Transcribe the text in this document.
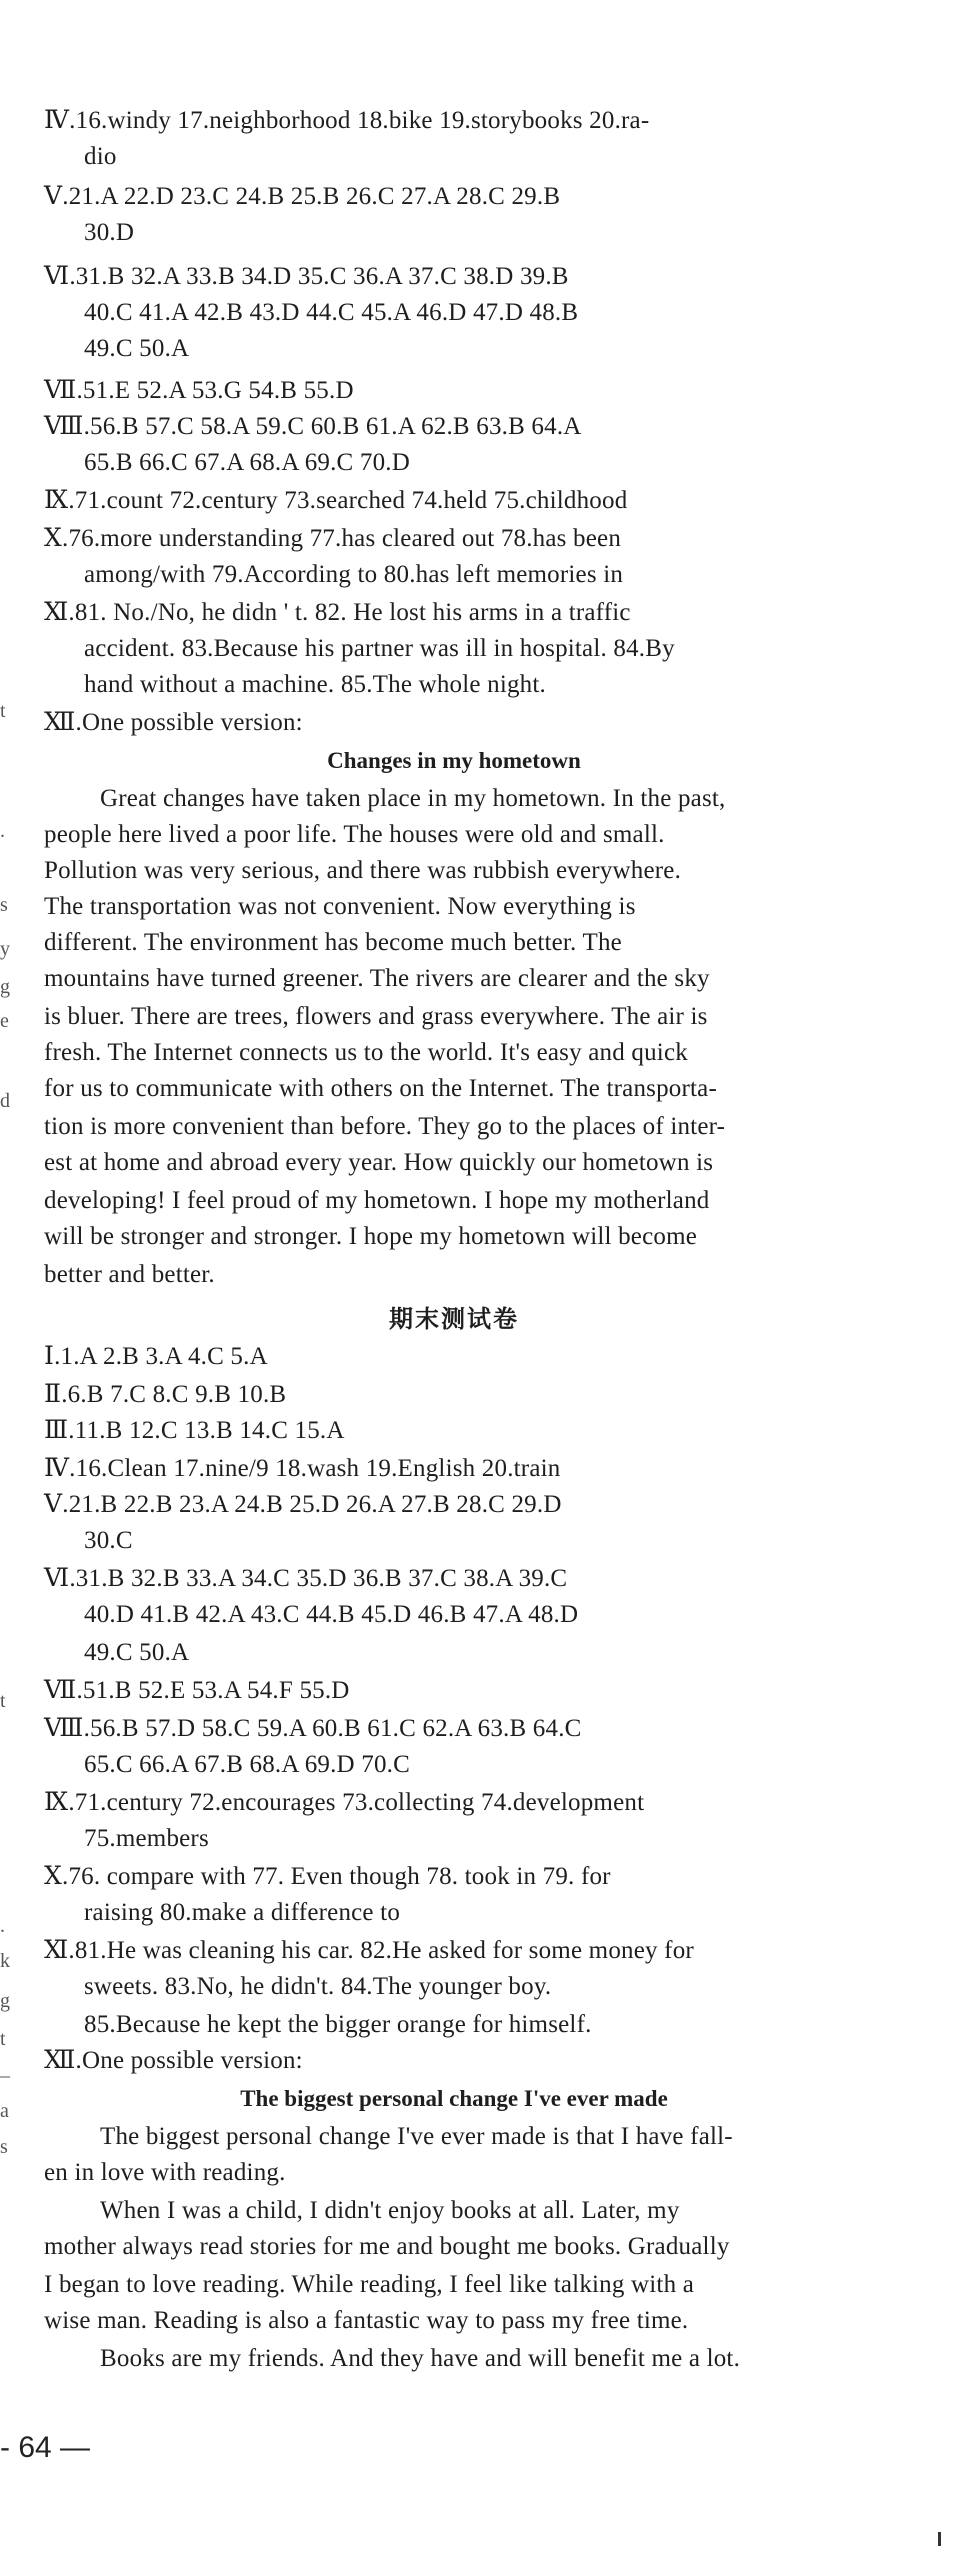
Ⅳ.16.windy 17.neighborhood 18.bike 19.storybooks 20.ra-
dio
Ⅴ.21.A 22.D 23.C 24.B 25.B 26.C 27.A 28.C 29.B
30.D
Ⅵ.31.B 32.A 33.B 34.D 35.C 36.A 37.C 38.D 39.B
40.C 41.A 42.B 43.D 44.C 45.A 46.D 47.D 48.B
49.C 50.A
Ⅶ.51.E 52.A 53.G 54.B 55.D
Ⅷ.56.B 57.C 58.A 59.C 60.B 61.A 62.B 63.B 64.A
65.B 66.C 67.A 68.A 69.C 70.D
Ⅸ.71.count 72.century 73.searched 74.held 75.childhood
Ⅹ.76.more understanding 77.has cleared out 78.has been
among/with 79.According to 80.has left memories in
Ⅺ.81. No./No, he didn ' t. 82. He lost his arms in a traffic
accident. 83.Because his partner was ill in hospital. 84.By
hand without a machine. 85.The whole night.
Ⅻ.One possible version:
Changes in my hometown
Great changes have taken place in my hometown. In the past,
people here lived a poor life. The houses were old and small.
Pollution was very serious, and there was rubbish everywhere.
The transportation was not convenient. Now everything is
different. The environment has become much better. The
mountains have turned greener. The rivers are clearer and the sky
is bluer. There are trees, flowers and grass everywhere. The air is
fresh. The Internet connects us to the world. It's easy and quick
for us to communicate with others on the Internet. The transporta-
tion is more convenient than before. They go to the places of inter-
est at home and abroad every year. How quickly our hometown is
developing! I feel proud of my hometown. I hope my motherland
will be stronger and stronger. I hope my hometown will become
better and better.
期末测试卷
Ⅰ.1.A 2.B 3.A 4.C 5.A
Ⅱ.6.B 7.C 8.C 9.B 10.B
Ⅲ.11.B 12.C 13.B 14.C 15.A
Ⅳ.16.Clean 17.nine/9 18.wash 19.English 20.train
Ⅴ.21.B 22.B 23.A 24.B 25.D 26.A 27.B 28.C 29.D
30.C
Ⅵ.31.B 32.B 33.A 34.C 35.D 36.B 37.C 38.A 39.C
40.D 41.B 42.A 43.C 44.B 45.D 46.B 47.A 48.D
49.C 50.A
Ⅶ.51.B 52.E 53.A 54.F 55.D
Ⅷ.56.B 57.D 58.C 59.A 60.B 61.C 62.A 63.B 64.C
65.C 66.A 67.B 68.A 69.D 70.C
Ⅸ.71.century 72.encourages 73.collecting 74.development
75.members
Ⅹ.76. compare with 77. Even though 78. took in 79. for
raising 80.make a difference to
Ⅺ.81.He was cleaning his car. 82.He asked for some money for
sweets. 83.No, he didn't. 84.The younger boy.
85.Because he kept the bigger orange for himself.
Ⅻ.One possible version:
The biggest personal change I've ever made
The biggest personal change I've ever made is that I have fall-
en in love with reading.
When I was a child, I didn't enjoy books at all. Later, my
mother always read stories for me and bought me books. Gradually
I began to love reading. While reading, I feel like talking with a
wise man. Reading is also a fantastic way to pass my free time.
Books are my friends. And they have and will benefit me a lot.
t
.
s
y
g
e
d
t
.
k
g
t
_
a
s
- 64 —
